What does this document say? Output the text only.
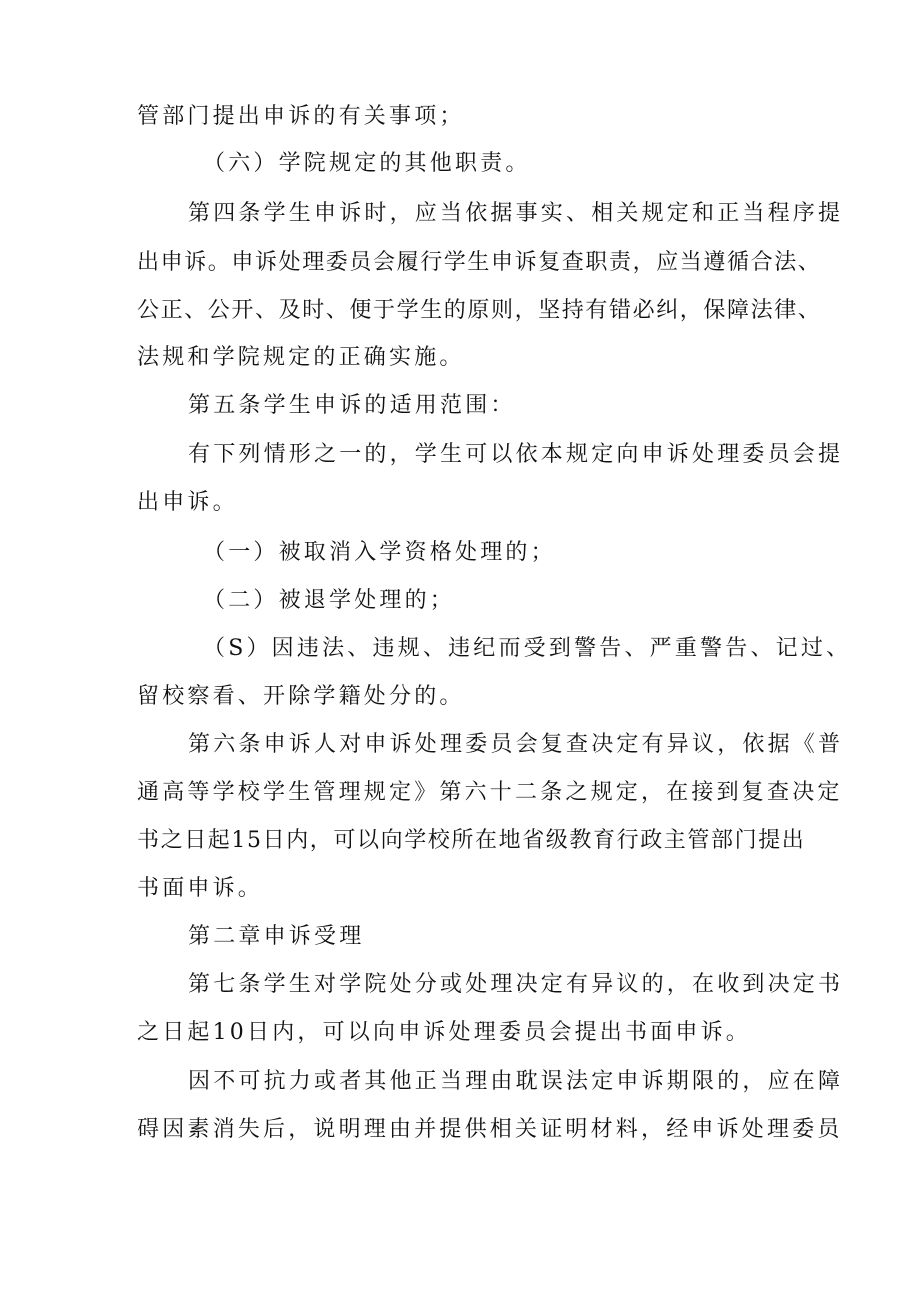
管部门提出申诉的有关事项；
（六）学院规定的其他职责。
第四条学生申诉时，应当依据事实、相关规定和正当程序提
出申诉。申诉处理委员会履行学生申诉复查职责，应当遵循合法、
公正、公开、及时、便于学生的原则，坚持有错必纠，保障法律、
法规和学院规定的正确实施。
第五条学生申诉的适用范围：
有下列情形之一的，学生可以依本规定向申诉处理委员会提
出申诉。
（一）被取消入学资格处理的；
（二）被退学处理的；
（S）因违法、违规、违纪而受到警告、严重警告、记过、
留校察看、开除学籍处分的。
第六条申诉人对申诉处理委员会复查决定有异议，依据《普
通高等学校学生管理规定》第六十二条之规定，在接到复查决定
书之日起15日内，可以向学校所在地省级教育行政主管部门提出
书面申诉。
第二章申诉受理
第七条学生对学院处分或处理决定有异议的，在收到决定书
之日起10日内，可以向申诉处理委员会提出书面申诉。
因不可抗力或者其他正当理由耽误法定申诉期限的，应在障
碍因素消失后，说明理由并提供相关证明材料，经申诉处理委员
